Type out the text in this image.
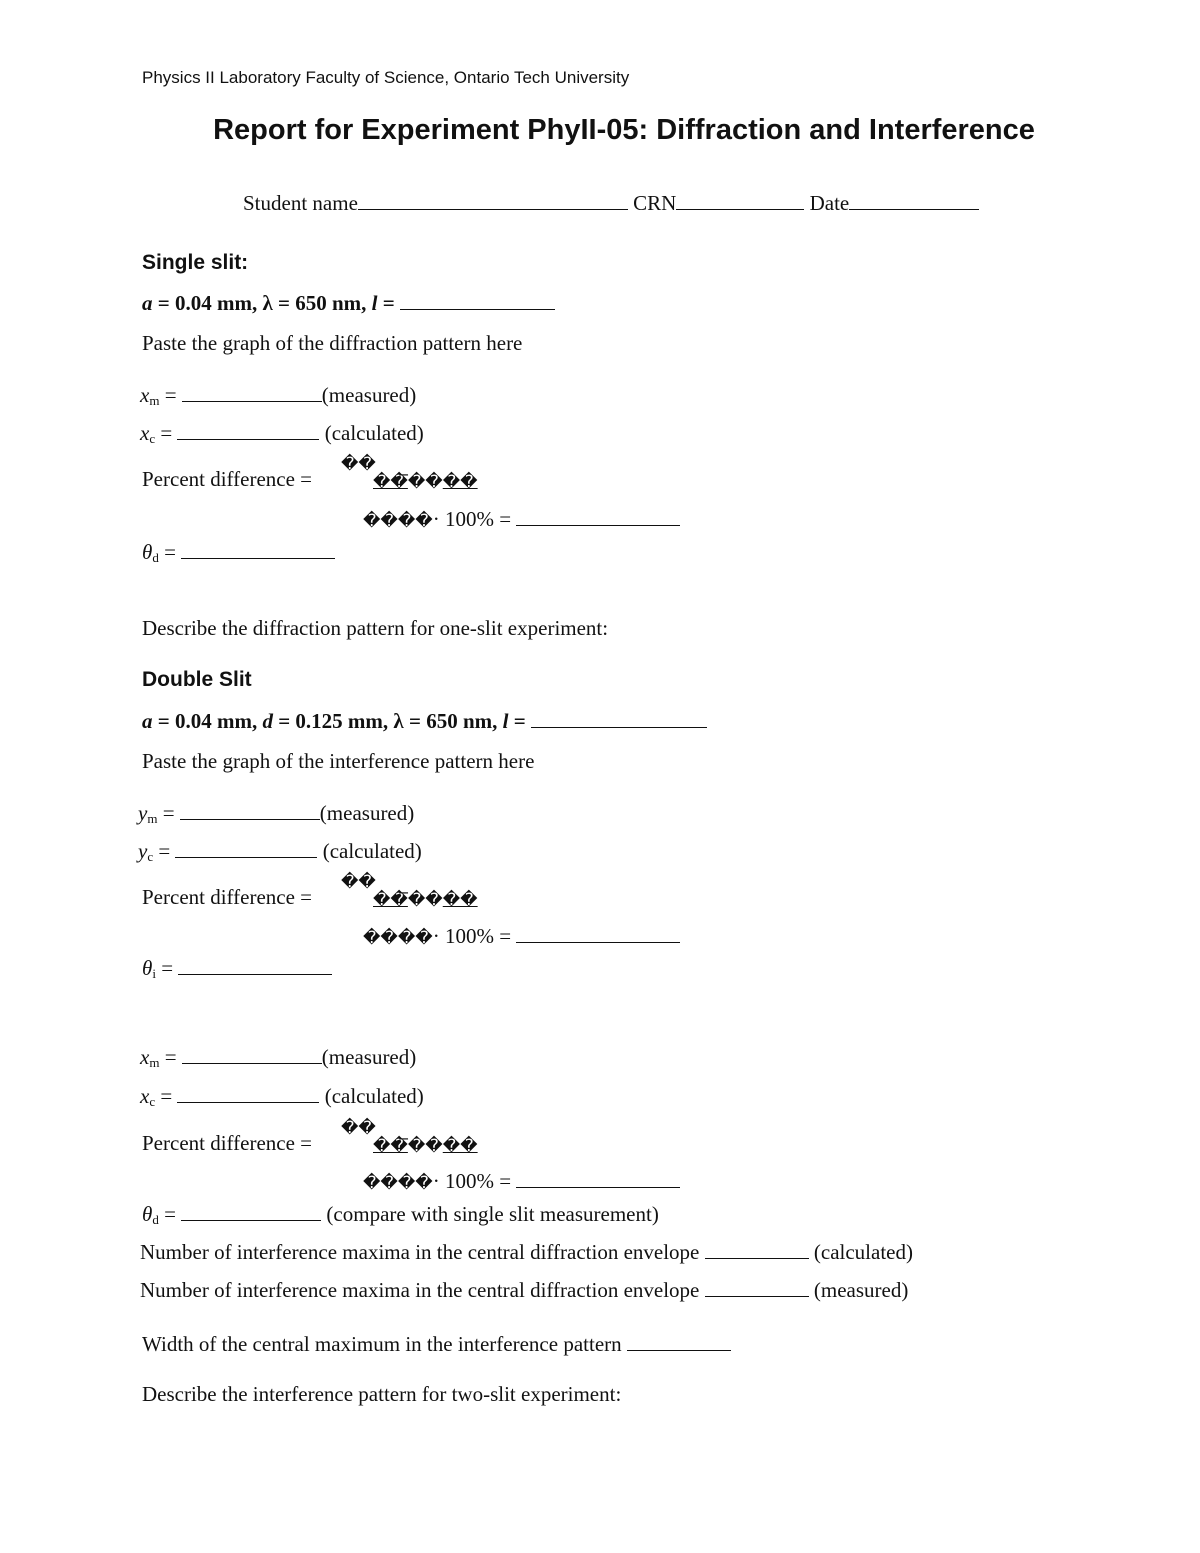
Physics II Laboratory Faculty of Science, Ontario Tech University
Report for Experiment PhyII-05: Diffraction and Interference
Student name	CRN	Date
Single slit:
a = 0.04 mm, λ = 650 nm, l =
Paste the graph of the diffraction pattern here
xm =	(measured)
xc =	(calculated)
Percent difference =
��
������
����· 100% =
θd =
Describe the diffraction pattern for one-slit experiment:
Double Slit
a = 0.04 mm, d = 0.125 mm, λ = 650 nm, l =
Paste the graph of the interference pattern here
ym =	(measured)
yc =	(calculated)
Percent difference =
��
������
����· 100% =
θi =
xm =	(measured)
xc =	(calculated)
Percent difference =
��
������
����· 100% =
θd =	(compare with single slit measurement)
Number of interference maxima in the central diffraction envelope	(calculated)
Number of interference maxima in the central diffraction envelope	(measured)
Width of the central maximum in the interference pattern
Describe the interference pattern for two-slit experiment:
